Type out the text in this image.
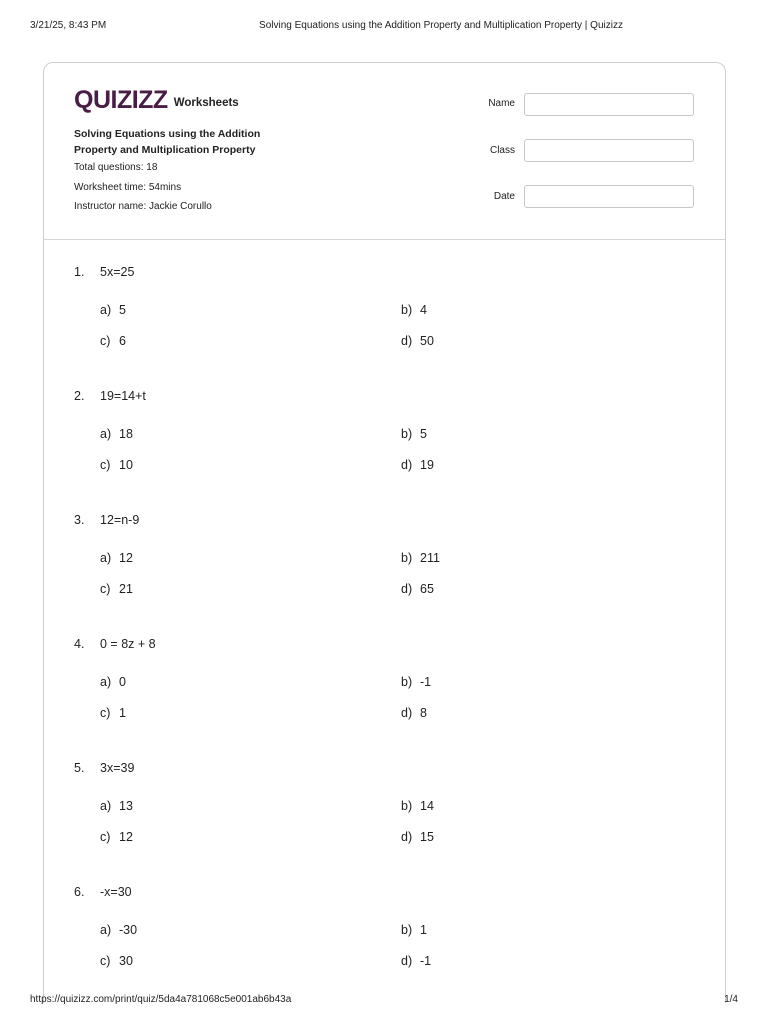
3/21/25, 8:43 PM	Solving Equations using the Addition Property and Multiplication Property | Quizizz
QUIZIZZ Worksheets
Solving Equations using the Addition
Property and Multiplication Property
Total questions: 18
Worksheet time: 54mins
Instructor name: Jackie Corullo
Name
Class
Date
1. 5x=25
a) 5	b) 4
c) 6	d) 50
2. 19=14+t
a) 18	b) 5
c) 10	d) 19
3. 12=n-9
a) 12	b) 211
c) 21	d) 65
4. 0 = 8z + 8
a) 0	b) -1
c) 1	d) 8
5. 3x=39
a) 13	b) 14
c) 12	d) 15
6. -x=30
a) -30	b) 1
c) 30	d) -1
https://quizizz.com/print/quiz/5da4a781068c5e001ab6b43a	1/4
